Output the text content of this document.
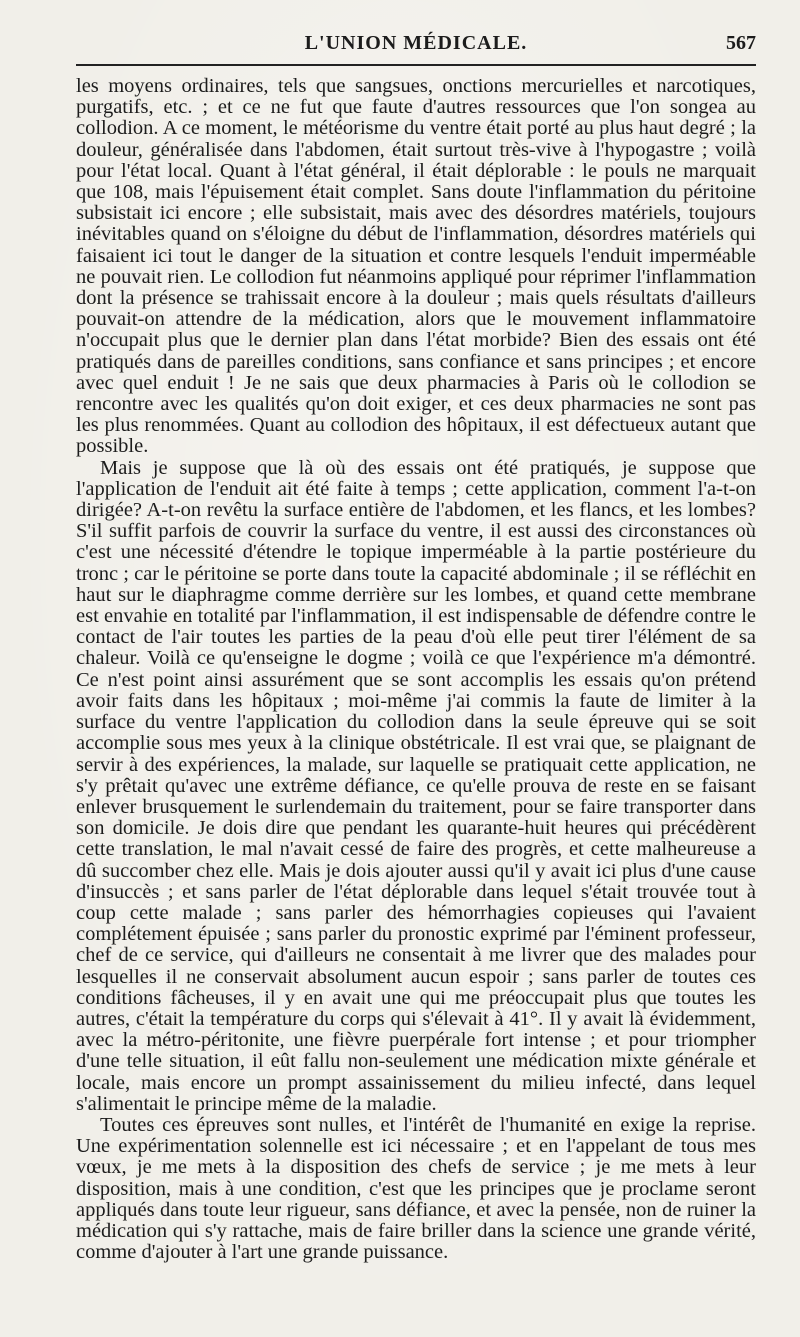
L'UNION MÉDICALE.	567

les moyens ordinaires, tels que sangsues, onctions mercurielles et narcotiques, purgatifs, etc. ; et ce ne fut que faute d'autres ressources que l'on songea au collodion. A ce moment, le météorisme du ventre était porté au plus haut degré ; la douleur, généralisée dans l'abdomen, était surtout très-vive à l'hypogastre ; voilà pour l'état local. Quant à l'état général, il était déplorable : le pouls ne marquait que 108, mais l'épuisement était complet. Sans doute l'inflammation du péritoine subsistait ici encore ; elle subsistait, mais avec des désordres matériels, toujours inévitables quand on s'éloigne du début de l'inflammation, désordres matériels qui faisaient ici tout le danger de la situation et contre lesquels l'enduit imperméable ne pouvait rien. Le collodion fut néanmoins appliqué pour réprimer l'inflammation dont la présence se trahissait encore à la douleur ; mais quels résultats d'ailleurs pouvait-on attendre de la médication, alors que le mouvement inflammatoire n'occupait plus que le dernier plan dans l'état morbide? Bien des essais ont été pratiqués dans de pareilles conditions, sans confiance et sans principes ; et encore avec quel enduit ! Je ne sais que deux pharmacies à Paris où le collodion se rencontre avec les qualités qu'on doit exiger, et ces deux pharmacies ne sont pas les plus renommées. Quant au collodion des hôpitaux, il est défectueux autant que possible.

Mais je suppose que là où des essais ont été pratiqués, je suppose que l'application de l'enduit ait été faite à temps ; cette application, comment l'a-t-on dirigée? A-t-on revêtu la surface entière de l'abdomen, et les flancs, et les lombes? S'il suffit parfois de couvrir la surface du ventre, il est aussi des circonstances où c'est une nécessité d'étendre le topique imperméable à la partie postérieure du tronc ; car le péritoine se porte dans toute la capacité abdominale ; il se réfléchit en haut sur le diaphragme comme derrière sur les lombes, et quand cette membrane est envahie en totalité par l'inflammation, il est indispensable de défendre contre le contact de l'air toutes les parties de la peau d'où elle peut tirer l'élément de sa chaleur. Voilà ce qu'enseigne le dogme ; voilà ce que l'expérience m'a démontré. Ce n'est point ainsi assurément que se sont accomplis les essais qu'on prétend avoir faits dans les hôpitaux ; moi-même j'ai commis la faute de limiter à la surface du ventre l'application du collodion dans la seule épreuve qui se soit accomplie sous mes yeux à la clinique obstétricale. Il est vrai que, se plaignant de servir à des expériences, la malade, sur laquelle se pratiquait cette application, ne s'y prêtait qu'avec une extrême défiance, ce qu'elle prouva de reste en se faisant enlever brusquement le surlendemain du traitement, pour se faire transporter dans son domicile. Je dois dire que pendant les quarante-huit heures qui précédèrent cette translation, le mal n'avait cessé de faire des progrès, et cette malheureuse a dû succomber chez elle. Mais je dois ajouter aussi qu'il y avait ici plus d'une cause d'insuccès ; et sans parler de l'état déplorable dans lequel s'était trouvée tout à coup cette malade ; sans parler des hémorrhagies copieuses qui l'avaient complétement épuisée ; sans parler du pronostic exprimé par l'éminent professeur, chef de ce service, qui d'ailleurs ne consentait à me livrer que des malades pour lesquelles il ne conservait absolument aucun espoir ; sans parler de toutes ces conditions fâcheuses, il y en avait une qui me préoccupait plus que toutes les autres, c'était la température du corps qui s'élevait à 41°. Il y avait là évidemment, avec la métro-péritonite, une fièvre puerpérale fort intense ; et pour triompher d'une telle situation, il eût fallu non-seulement une médication mixte générale et locale, mais encore un prompt assainissement du milieu infecté, dans lequel s'alimentait le principe même de la maladie.

Toutes ces épreuves sont nulles, et l'intérêt de l'humanité en exige la reprise. Une expérimentation solennelle est ici nécessaire ; et en l'appelant de tous mes vœux, je me mets à la disposition des chefs de service ; je me mets à leur disposition, mais à une condition, c'est que les principes que je proclame seront appliqués dans toute leur rigueur, sans défiance, et avec la pensée, non de ruiner la médication qui s'y rattache, mais de faire briller dans la science une grande vérité, comme d'ajouter à l'art une grande puissance.
